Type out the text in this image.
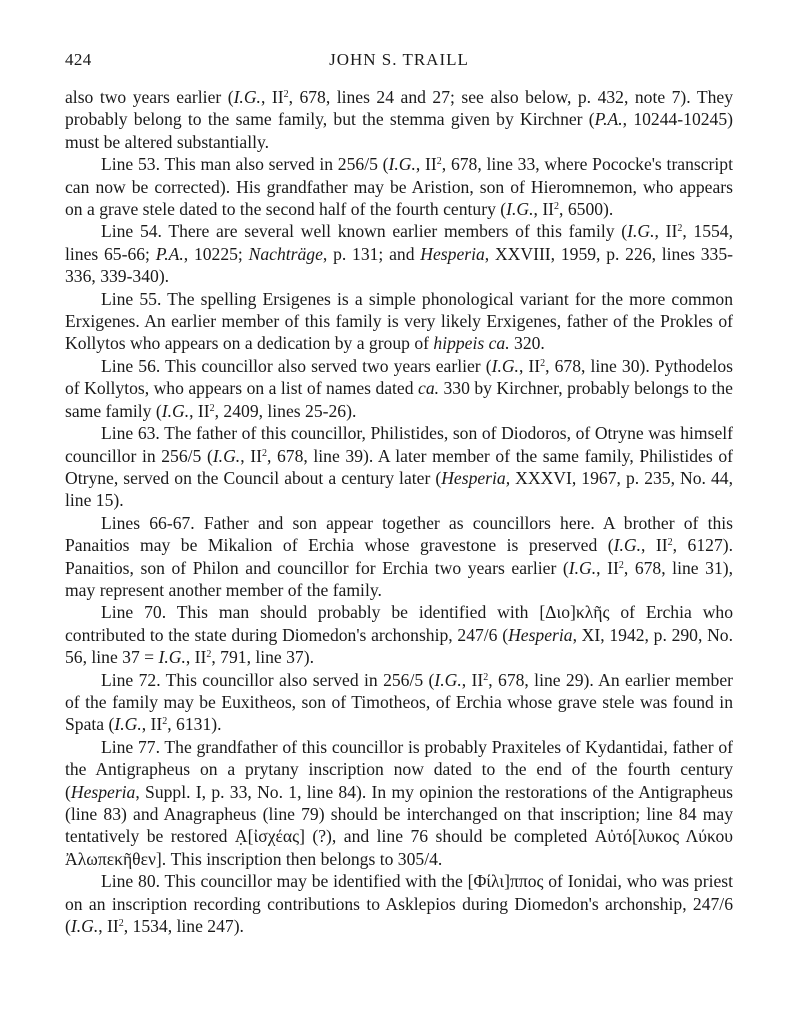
424	JOHN S. TRAILL

also two years earlier (I.G., $II^2$, 678, lines 24 and 27; see also below, p. 432, note 7). They probably belong to the same family, but the stemma given by Kirchner (P.A., 10244-10245) must be altered substantially.

Line 53. This man also served in 256/5 (I.G., $II^2$, 678, line 33, where Pococke's transcript can now be corrected). His grandfather may be Aristion, son of Hieromnemon, who appears on a grave stele dated to the second half of the fourth century (I.G., $II^2$, 6500).

Line 54. There are several well known earlier members of this family (I.G., $II^2$, 1554, lines 65-66; P.A., 10225; Nachträge, p. 131; and Hesperia, XXVIII, 1959, p. 226, lines 335-336, 339-340).

Line 55. The spelling Ersigenes is a simple phonological variant for the more common Erxigenes. An earlier member of this family is very likely Erxigenes, father of the Prokles of Kollytos who appears on a dedication by a group of hippeis ca. 320.

Line 56. This councillor also served two years earlier (I.G., $II^2$, 678, line 30). Pythodelos of Kollytos, who appears on a list of names dated ca. 330 by Kirchner, probably belongs to the same family (I.G., $II^2$, 2409, lines 25-26).

Line 63. The father of this councillor, Philistides, son of Diodoros, of Otryne was himself councillor in 256/5 (I.G., $II^2$, 678, line 39). A later member of the same family, Philistides of Otryne, served on the Council about a century later (Hesperia, XXXVI, 1967, p. 235, No. 44, line 15).

Lines 66-67. Father and son appear together as councillors here. A brother of this Panaitios may be Mikalion of Erchia whose gravestone is preserved (I.G., $II^2$, 6127). Panaitios, son of Philon and councillor for Erchia two years earlier (I.G., $II^2$, 678, line 31), may represent another member of the family.

Line 70. This man should probably be identified with [Διο]κλῆς of Erchia who contributed to the state during Diomedon's archonship, 247/6 (Hesperia, XI, 1942, p. 290, No. 56, line 37 = I.G., $II^2$, 791, line 37).

Line 72. This councillor also served in 256/5 (I.G., $II^2$, 678, line 29). An earlier member of the family may be Euxitheos, son of Timotheos, of Erchia whose grave stele was found in Spata (I.G., $II^2$, 6131).

Line 77. The grandfather of this councillor is probably Praxiteles of Kydantidai, father of the Antigrapheus on a prytany inscription now dated to the end of the fourth century (Hesperia, Suppl. I, p. 33, No. 1, line 84). In my opinion the restorations of the Antigrapheus (line 83) and Anagrapheus (line 79) should be interchanged on that inscription; line 84 may tentatively be restored Ạ[ἰσχέας] (?), and line 76 should be completed Αὐτό[λυκος Λύκου Ἀλωπεκῆθεν]. This inscription then belongs to 305/4.

Line 80. This councillor may be identified with the [Φίλι]ππος of Ionidai, who was priest on an inscription recording contributions to Asklepios during Diomedon's archonship, 247/6 (I.G., $II^2$, 1534, line 247).
